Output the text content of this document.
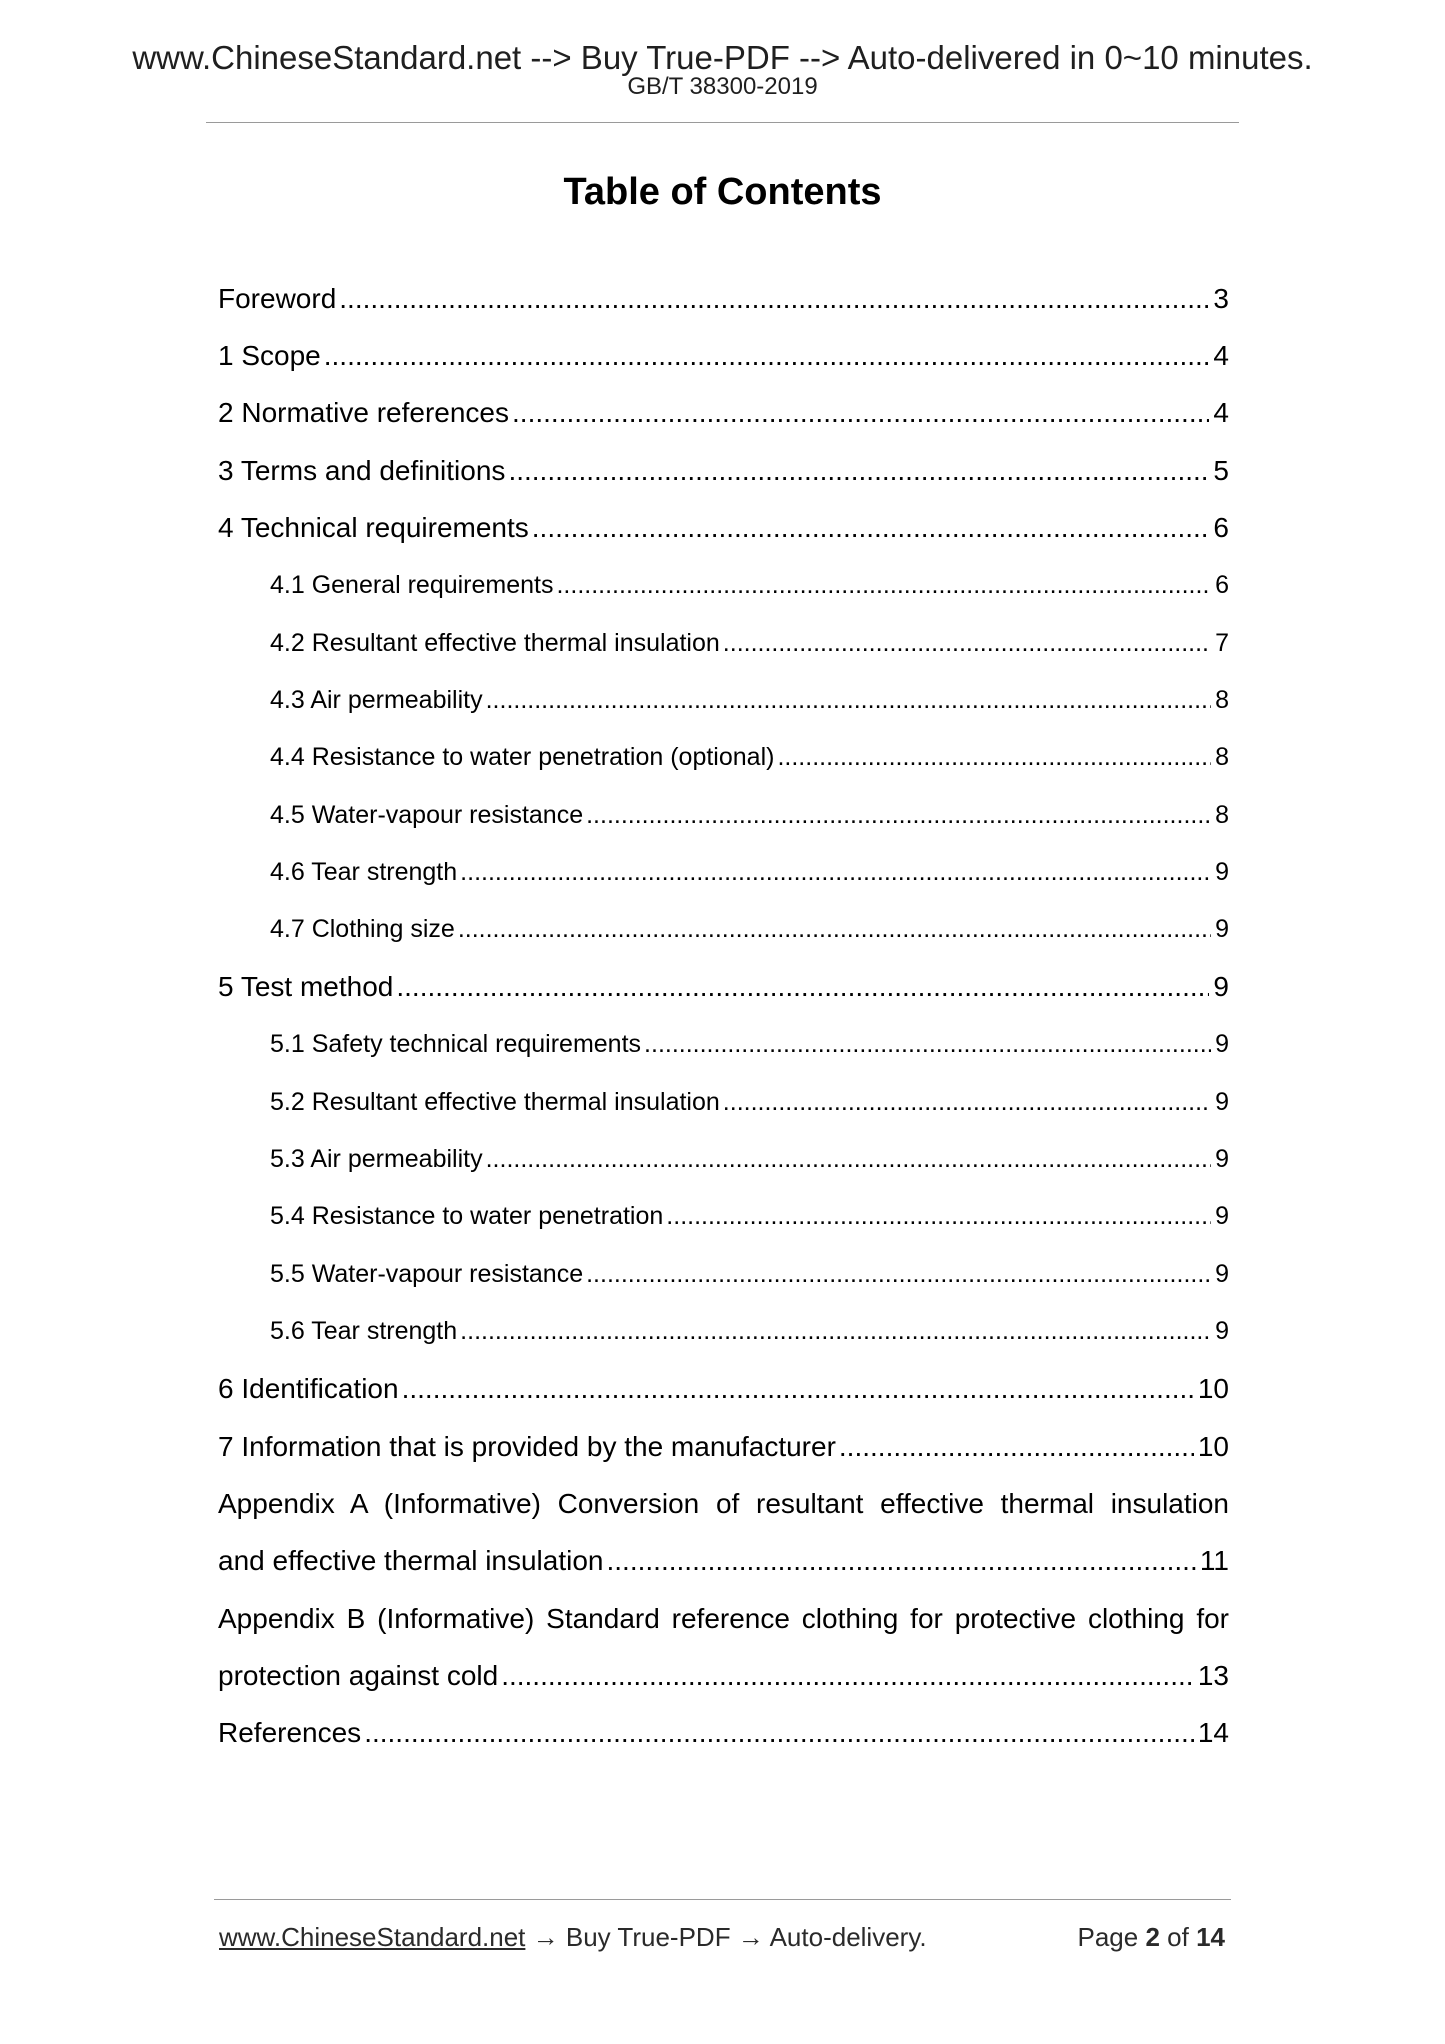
www.ChineseStandard.net --> Buy True-PDF --> Auto-delivered in 0~10 minutes.
GB/T 38300-2019
Table of Contents
Foreword .....	3
1 Scope .....	4
2 Normative references .....	4
3 Terms and definitions .....	5
4 Technical requirements .....	6
4.1 General requirements .....	6
4.2 Resultant effective thermal insulation .....	7
4.3 Air permeability .....	8
4.4 Resistance to water penetration (optional) .....	8
4.5 Water-vapour resistance .....	8
4.6 Tear strength .....	9
4.7 Clothing size .....	9
5 Test method .....	9
5.1 Safety technical requirements .....	9
5.2 Resultant effective thermal insulation .....	9
5.3 Air permeability .....	9
5.4 Resistance to water penetration .....	9
5.5 Water-vapour resistance .....	9
5.6 Tear strength .....	9
6 Identification .....	10
7 Information that is provided by the manufacturer .....	10
Appendix A (Informative) Conversion of resultant effective thermal insulation
and effective thermal insulation .....	11
Appendix B (Informative) Standard reference clothing for protective clothing for
protection against cold .....	13
References .....	14
www.ChineseStandard.net → Buy True-PDF → Auto-delivery.	Page 2 of 14
